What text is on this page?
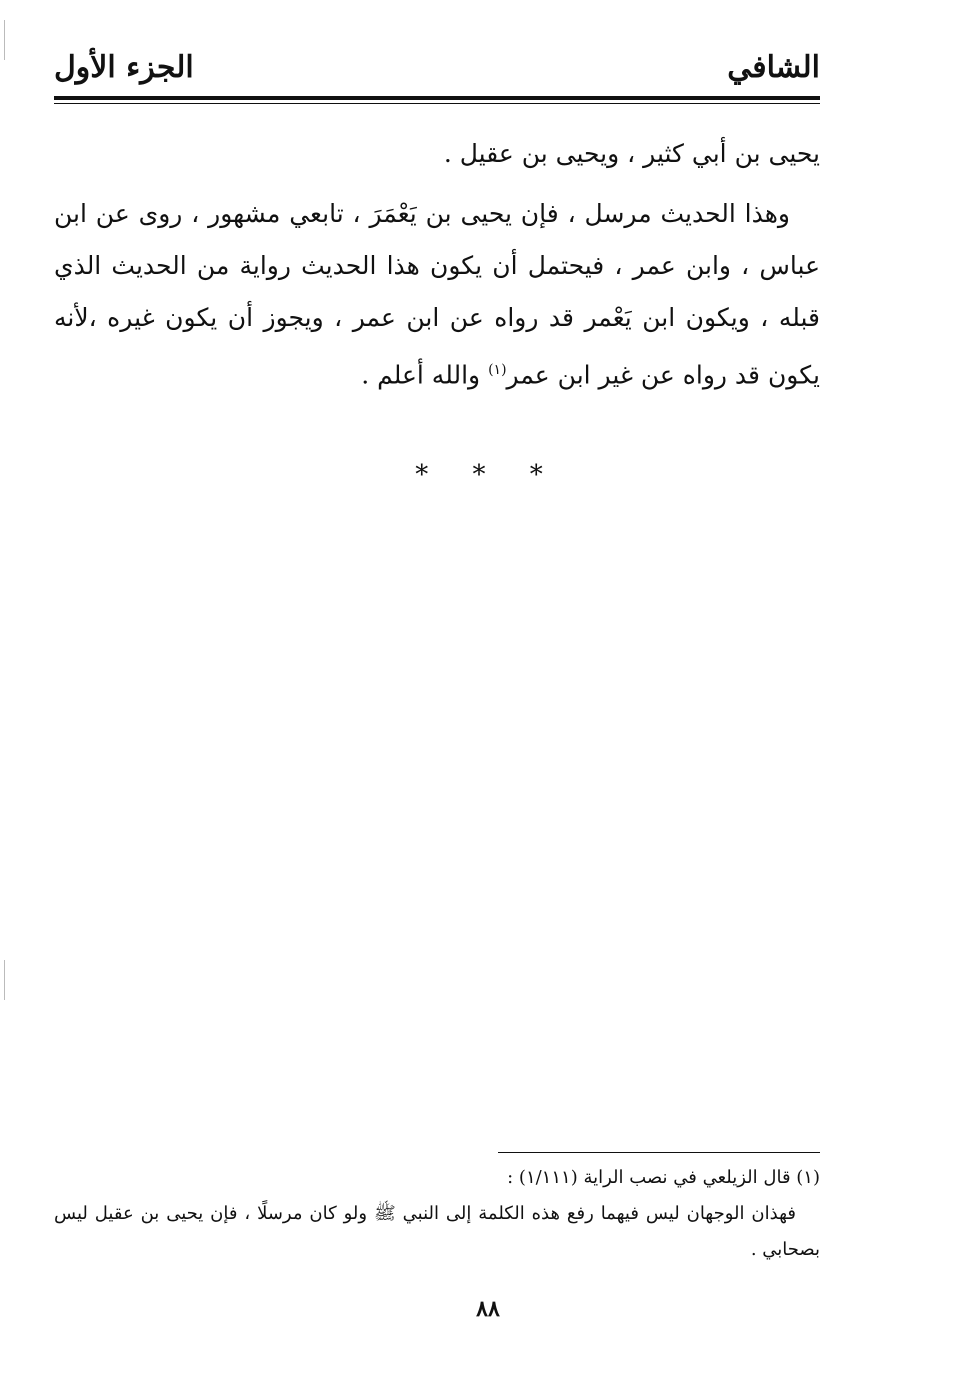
الشافي
الجزء الأول

يحيى بن أبي كثير ، ويحيى بن عقيل .

وهذا الحديث مرسل ، فإن يحيى بن يَعْمَرَ ، تابعي مشهور ، روى عن ابن عباس ، وابن عمر ، فيحتمل أن يكون هذا الحديث رواية من الحديث الذي قبله ، ويكون ابن يَعْمر قد رواه عن ابن عمر ، ويجوز أن يكون غيره ،لأنه يكون قد رواه عن غير ابن عمر$^{(١)}$ والله أعلم .

* * *

(١) قال الزيلعي في نصب الراية (١/١١١) :

فهذان الوجهان ليس فيهما رفع هذه الكلمة إلى النبي ﷺ ولو كان مرسلًا ، فإن يحيى بن عقيل ليس بصحابي .

٨٨
